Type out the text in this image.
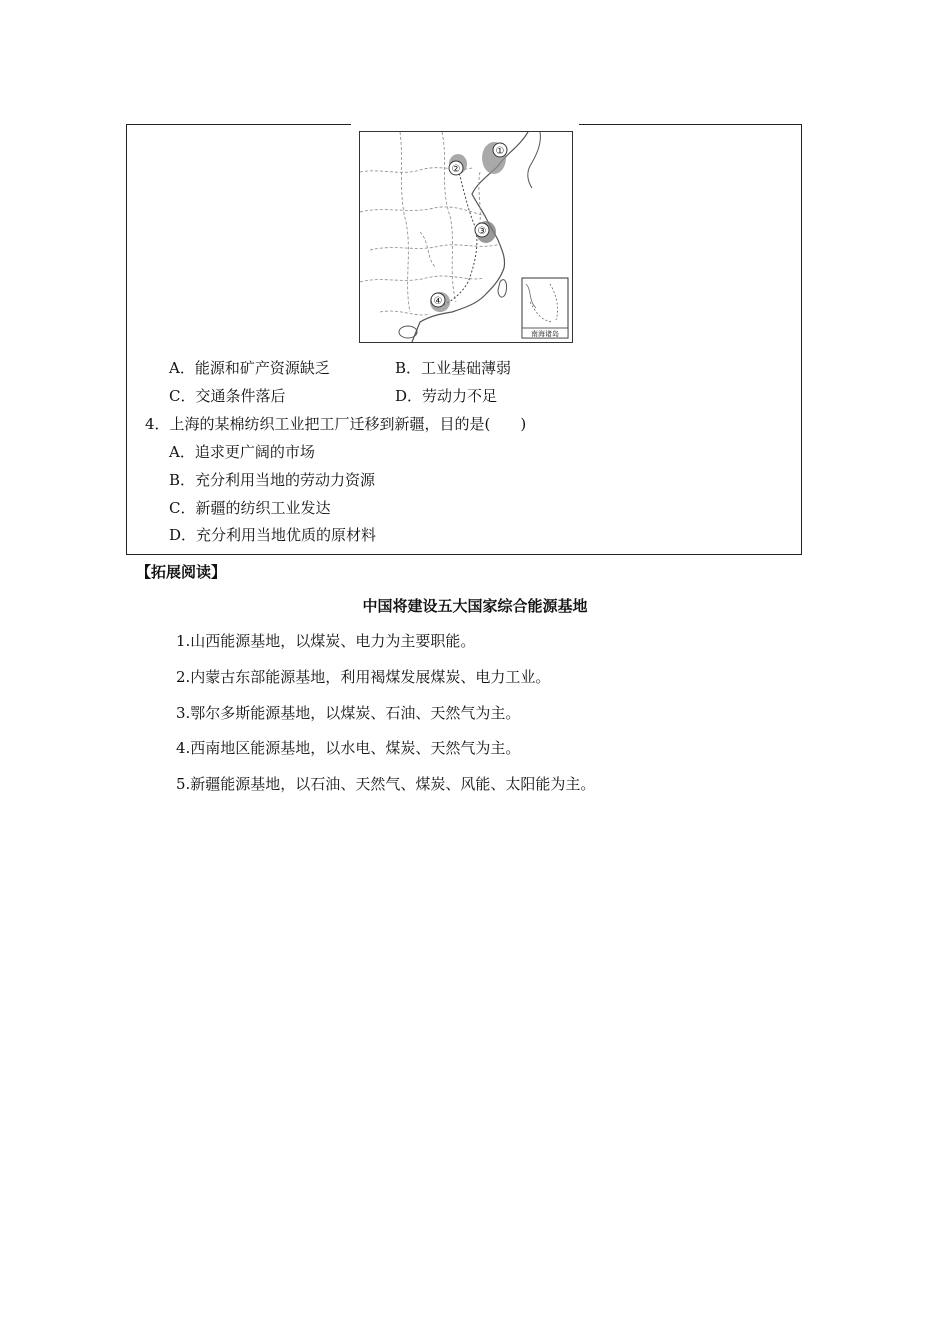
①
②
③
④
南海诸岛
A．能源和矿产资源缺乏	B．工业基础薄弱
C．交通条件落后	D．劳动力不足
4．上海的某棉纺织工业把工厂迁移到新疆，目的是(　　)
A．追求更广阔的市场
B．充分利用当地的劳动力资源
C．新疆的纺织工业发达
D．充分利用当地优质的原材料
【拓展阅读】
中国将建设五大国家综合能源基地
1.山西能源基地，以煤炭、电力为主要职能。
2.内蒙古东部能源基地，利用褐煤发展煤炭、电力工业。
3.鄂尔多斯能源基地，以煤炭、石油、天然气为主。
4.西南地区能源基地，以水电、煤炭、天然气为主。
5.新疆能源基地，以石油、天然气、煤炭、风能、太阳能为主。
